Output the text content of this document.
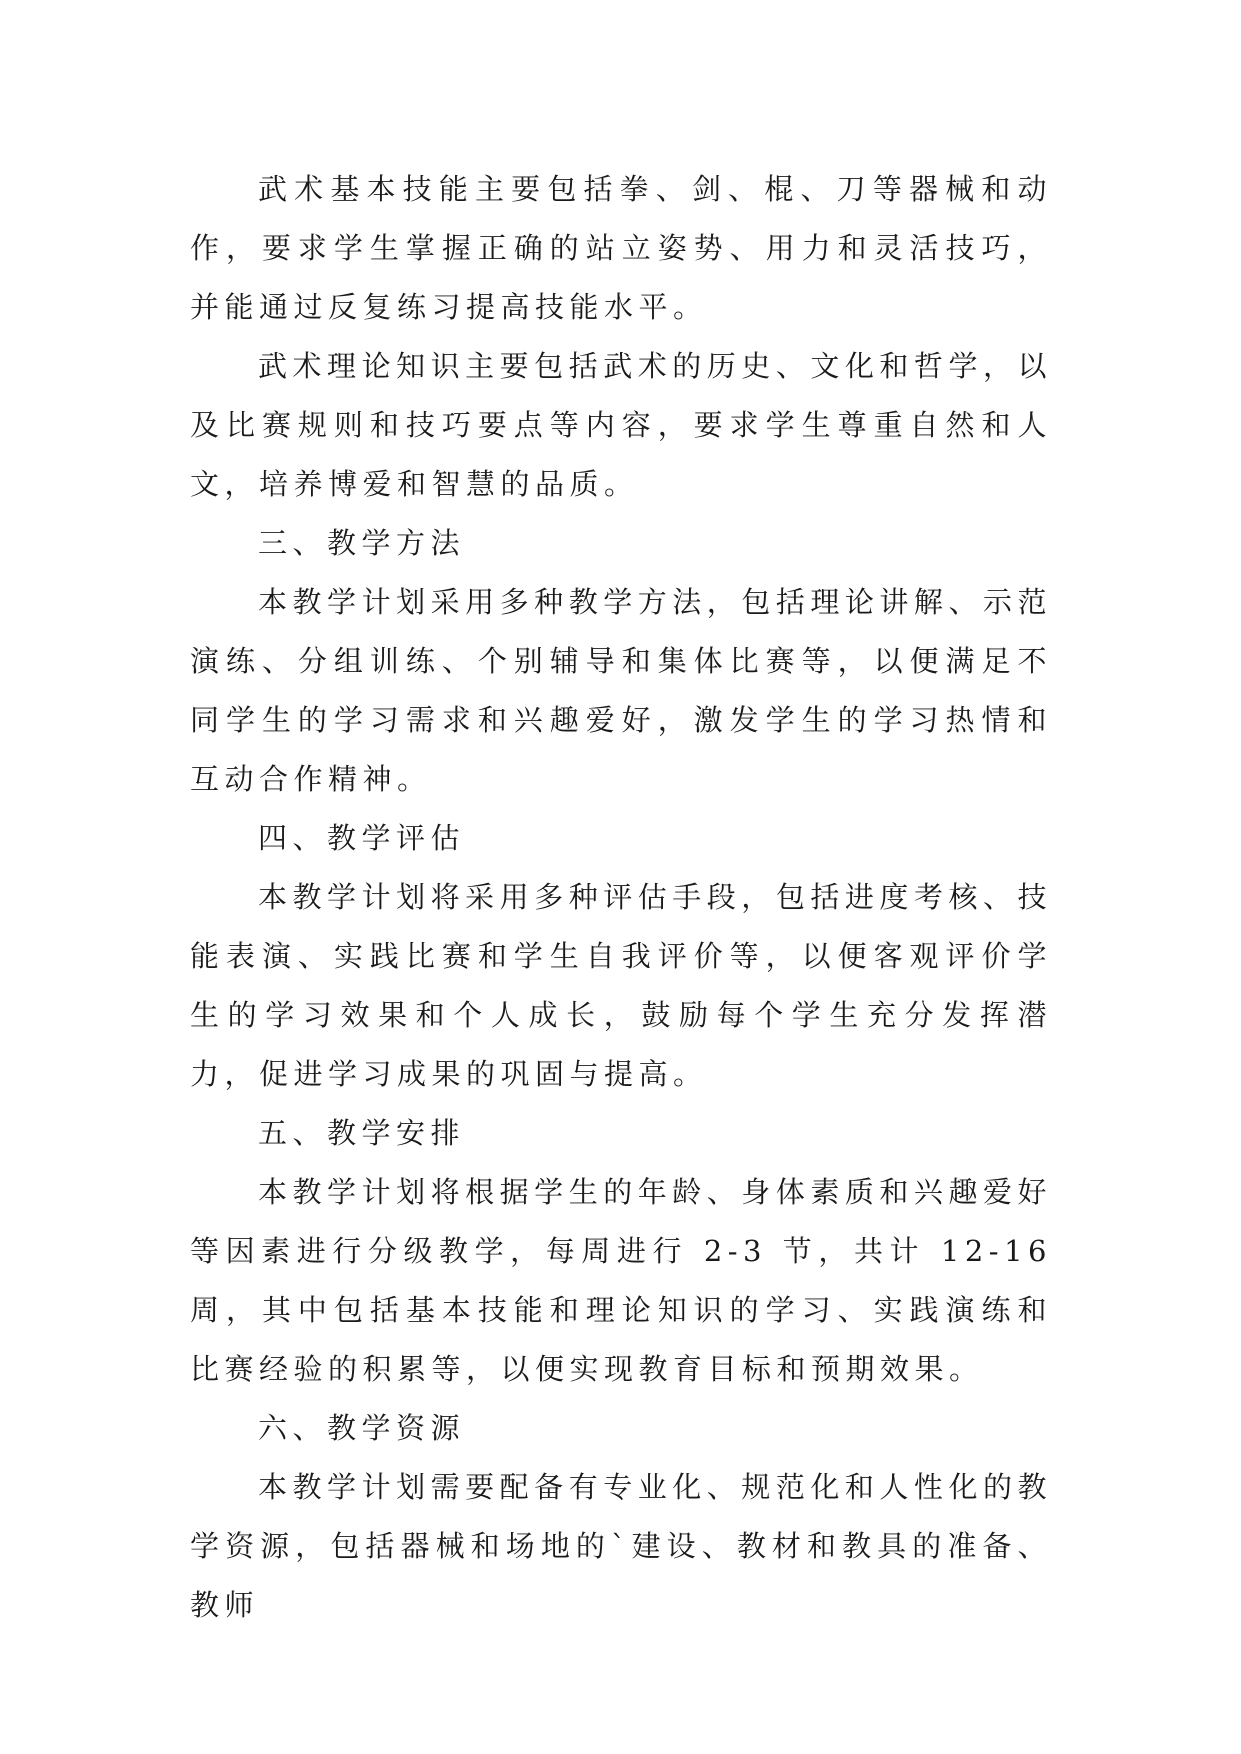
武术基本技能主要包括拳、剑、棍、刀等器械和动作，要求学生掌握正确的站立姿势、用力和灵活技巧，并能通过反复练习提高技能水平。

武术理论知识主要包括武术的历史、文化和哲学，以及比赛规则和技巧要点等内容，要求学生尊重自然和人文，培养博爱和智慧的品质。

三、教学方法

本教学计划采用多种教学方法，包括理论讲解、示范演练、分组训练、个别辅导和集体比赛等，以便满足不同学生的学习需求和兴趣爱好，激发学生的学习热情和互动合作精神。

四、教学评估

本教学计划将采用多种评估手段，包括进度考核、技能表演、实践比赛和学生自我评价等，以便客观评价学生的学习效果和个人成长，鼓励每个学生充分发挥潜力，促进学习成果的巩固与提高。

五、教学安排

本教学计划将根据学生的年龄、身体素质和兴趣爱好等因素进行分级教学，每周进行 2-3 节，共计 12-16 周，其中包括基本技能和理论知识的学习、实践演练和比赛经验的积累等，以便实现教育目标和预期效果。

六、教学资源

本教学计划需要配备有专业化、规范化和人性化的教学资源，包括器械和场地的`建设、教材和教具的准备、教师
